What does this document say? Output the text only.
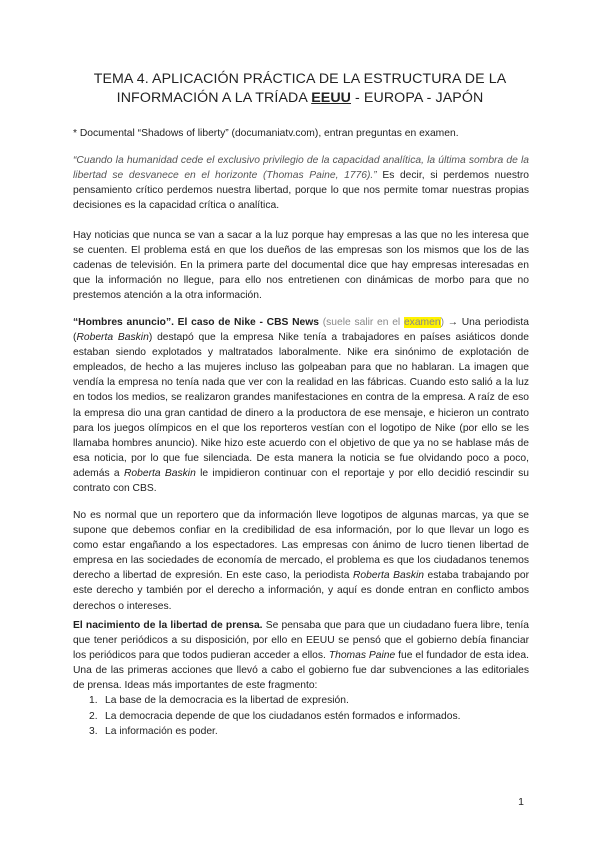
TEMA 4. APLICACIÓN PRÁCTICA DE LA ESTRUCTURA DE LA
INFORMACIÓN A LA TRÍADA EEUU - EUROPA - JAPÓN

* Documental “Shadows of liberty” (documaniatv.com), entran preguntas en examen.

“Cuando la humanidad cede el exclusivo privilegio de la capacidad analítica, la última sombra de la libertad se desvanece en el horizonte (Thomas Paine, 1776).” Es decir, si perdemos nuestro pensamiento crítico perdemos nuestra libertad, porque lo que nos permite tomar nuestras propias decisiones es la capacidad crítica o analítica.

Hay noticias que nunca se van a sacar a la luz porque hay empresas a las que no les interesa que se cuenten. El problema está en que los dueños de las empresas son los mismos que los de las cadenas de televisión. En la primera parte del documental dice que hay empresas interesadas en que la información no llegue, para ello nos entretienen con dinámicas de morbo para que no prestemos atención a la otra información.

“Hombres anuncio”. El caso de Nike - CBS News (suele salir en el examen) → Una periodista (Roberta Baskin) destapó que la empresa Nike tenía a trabajadores en países asiáticos donde estaban siendo explotados y maltratados laboralmente. Nike era sinónimo de explotación de empleados, de hecho a las mujeres incluso las golpeaban para que no hablaran. La imagen que vendía la empresa no tenía nada que ver con la realidad en las fábricas. Cuando esto salió a la luz en todos los medios, se realizaron grandes manifestaciones en contra de la empresa. A raíz de eso la empresa dio una gran cantidad de dinero a la productora de ese mensaje, e hicieron un contrato para los juegos olímpicos en el que los reporteros vestían con el logotipo de Nike (por ello se les llamaba hombres anuncio). Nike hizo este acuerdo con el objetivo de que ya no se hablase más de esa noticia, por lo que fue silenciada. De esta manera la noticia se fue olvidando poco a poco, además a Roberta Baskin le impidieron continuar con el reportaje y por ello decidió rescindir su contrato con CBS.

No es normal que un reportero que da información lleve logotipos de algunas marcas, ya que se supone que debemos confiar en la credibilidad de esa información, por lo que llevar un logo es como estar engañando a los espectadores. Las empresas con ánimo de lucro tienen libertad de empresa en las sociedades de economía de mercado, el problema es que los ciudadanos tenemos derecho a libertad de expresión. En este caso, la periodista Roberta Baskin estaba trabajando por este derecho y también por el derecho a información, y aquí es donde entran en conflicto ambos derechos o intereses.

El nacimiento de la libertad de prensa. Se pensaba que para que un ciudadano fuera libre, tenía que tener periódicos a su disposición, por ello en EEUU se pensó que el gobierno debía financiar los periódicos para que todos pudieran acceder a ellos. Thomas Paine fue el fundador de esta idea. Una de las primeras acciones que llevó a cabo el gobierno fue dar subvenciones a las editoriales de prensa. Ideas más importantes de este fragmento:

1. La base de la democracia es la libertad de expresión.
2. La democracia depende de que los ciudadanos estén formados e informados.
3. La información es poder.
1
